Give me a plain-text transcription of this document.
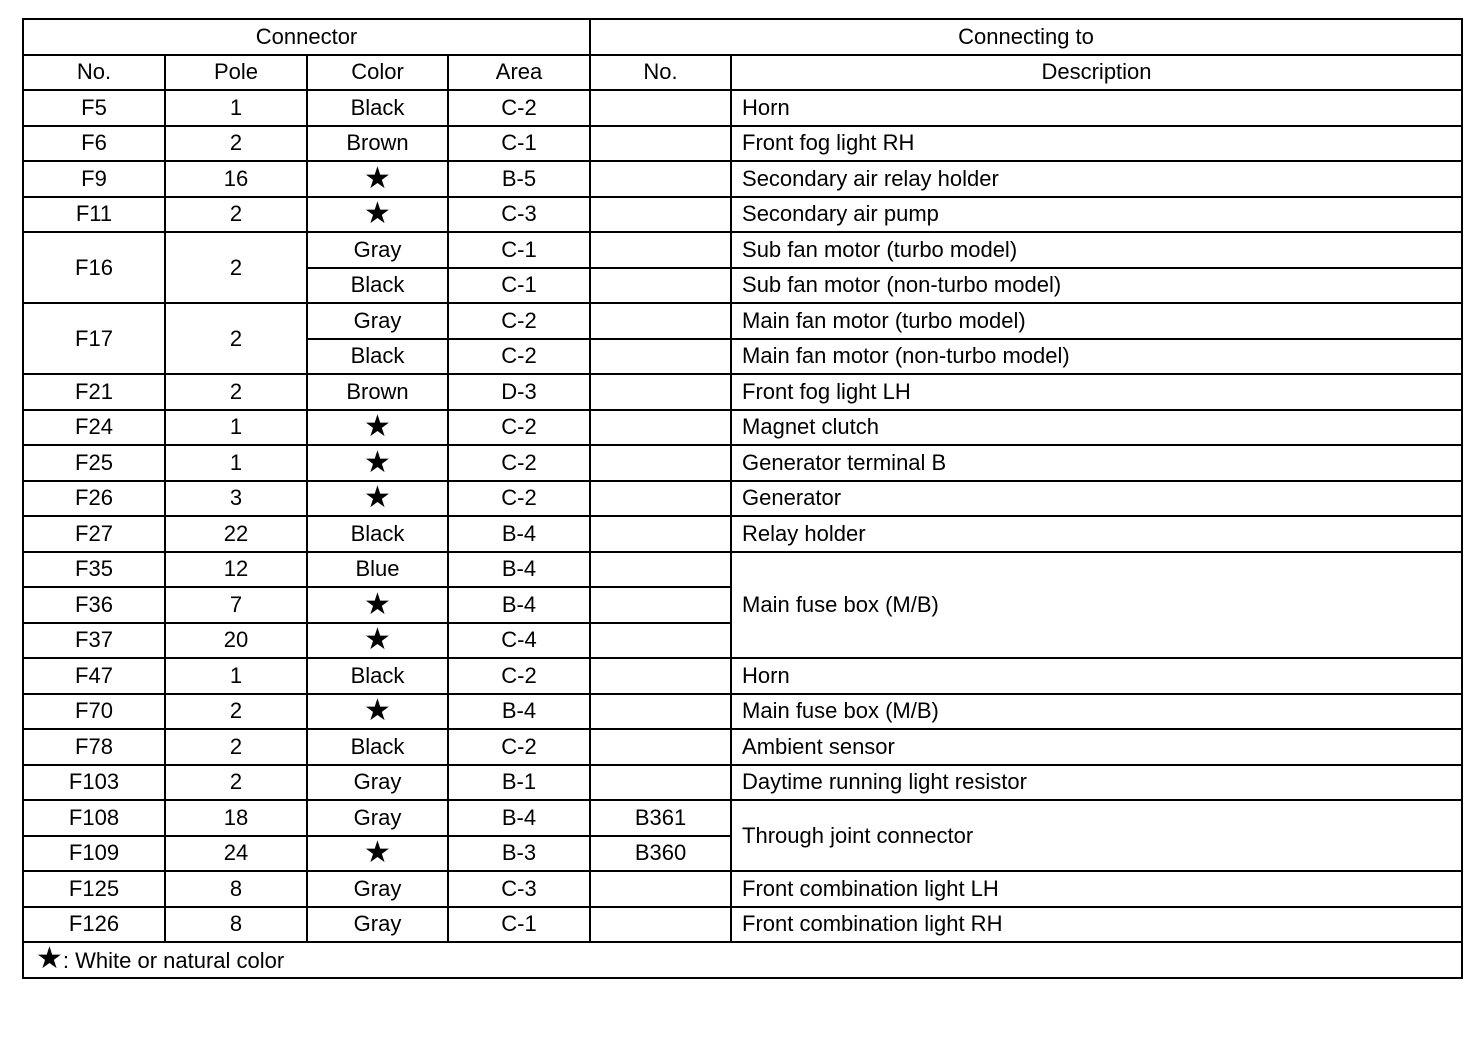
Connector				Connecting to	
No.	Pole	Color	Area	No.	Description
F5	1	Black	C-2		Horn
F6	2	Brown	C-1		Front fog light RH
F9	16	★	B-5		Secondary air relay holder
F11	2	★	C-3		Secondary air pump
F16	2	Gray	C-1		Sub fan motor (turbo model)
		Black	C-1		Sub fan motor (non-turbo model)
F17	2	Gray	C-2		Main fan motor (turbo model)
		Black	C-2		Main fan motor (non-turbo model)
F21	2	Brown	D-3		Front fog light LH
F24	1	★	C-2		Magnet clutch
F25	1	★	C-2		Generator terminal B
F26	3	★	C-2		Generator
F27	22	Black	B-4		Relay holder
F35	12	Blue	B-4		Main fuse box (M/B)
F36	7	★	B-4		
F37	20	★	C-4		
F47	1	Black	C-2		Horn
F70	2	★	B-4		Main fuse box (M/B)
F78	2	Black	C-2		Ambient sensor
F103	2	Gray	B-1		Daytime running light resistor
F108	18	Gray	B-4	B361	Through joint connector
F109	24	★	B-3	B360	
F125	8	Gray	C-3		Front combination light LH
F126	8	Gray	C-1		Front combination light RH
★: White or natural color					
